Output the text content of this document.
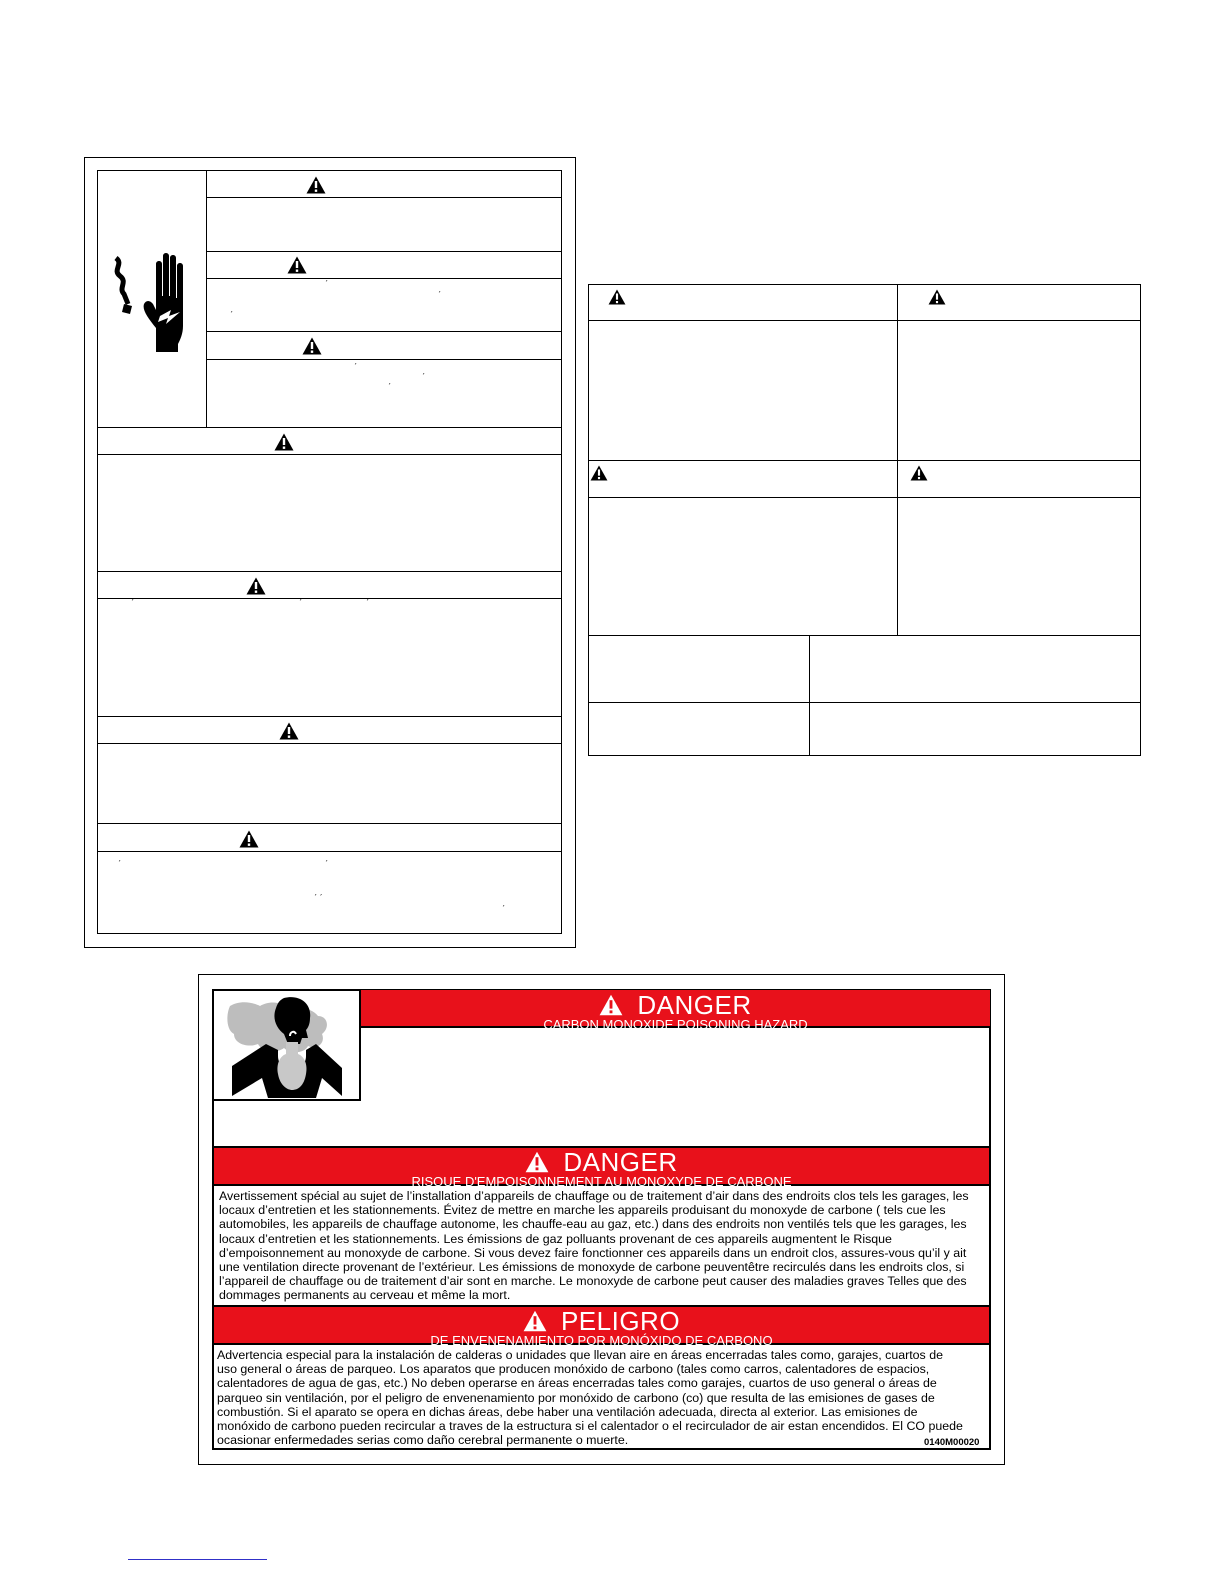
ˊ
ˊ
ˊ
ˊ
ˊ
ˊ
ˊ	ˊ	ˊ
ˊ	ˊ
ˊ ˊ
ˊ
DANGER
CARBON MONOXIDE POISONING HAZARD
DANGER
RISQUE D'EMPOISONNEMENT AU MONOXYDE DE CARBONE
Avertissement spécial au sujet de l’installation d’appareils de chauffage ou de traitement d’air dans des endroits clos tels les garages, les locaux d’entretien et les stationnements. Évitez de mettre en marche les appareils produisant du monoxyde de carbone ( tels cue les automobiles, les appareils de chauffage autonome, les chauffe-eau au gaz, etc.) dans des endroits non ventilés tels que les garages, les locaux d’entretien et les stationnements. Les émissions de gaz polluants provenant de ces appareils augmentent le Risque d’empoisonnement au monoxyde de carbone. Si vous devez faire fonctionner ces appareils dans un endroit clos, assures-vous qu’il y ait une ventilation directe provenant de l’extérieur. Les émissions de monoxyde de carbone peuventêtre recirculés dans les endroits clos, si l’appareil de chauffage ou de traitement d’air sont en marche. Le monoxyde de carbone peut causer des maladies graves Telles que des dommages permanents au cerveau et même la mort.
PELIGRO
DE ENVENENAMIENTO POR MONÓXIDO DE CARBONO
Advertencia especial para la instalación de calderas o unidades que llevan aire en áreas encerradas tales como, garajes, cuartos de uso general o áreas de parqueo. Los aparatos que producen monóxido de carbono (tales como carros, calentadores de espacios, calentadores de agua de gas, etc.) No deben operarse en áreas encerradas tales como garajes, cuartos de uso general o áreas de parqueo sin ventilación, por el peligro de envenenamiento por monóxido de carbono (co) que resulta de las emisiones de gases de combustión. Si el aparato se opera en dichas áreas, debe haber una ventilación adecuada, directa al exterior. Las emisiones de monóxido de carbono pueden recircular a traves de la estructura si el calentador o el recirculador de air estan encendidos. El CO puede ocasionar enfermedades serias como daño cerebral permanente o muerte.	0140M00020
